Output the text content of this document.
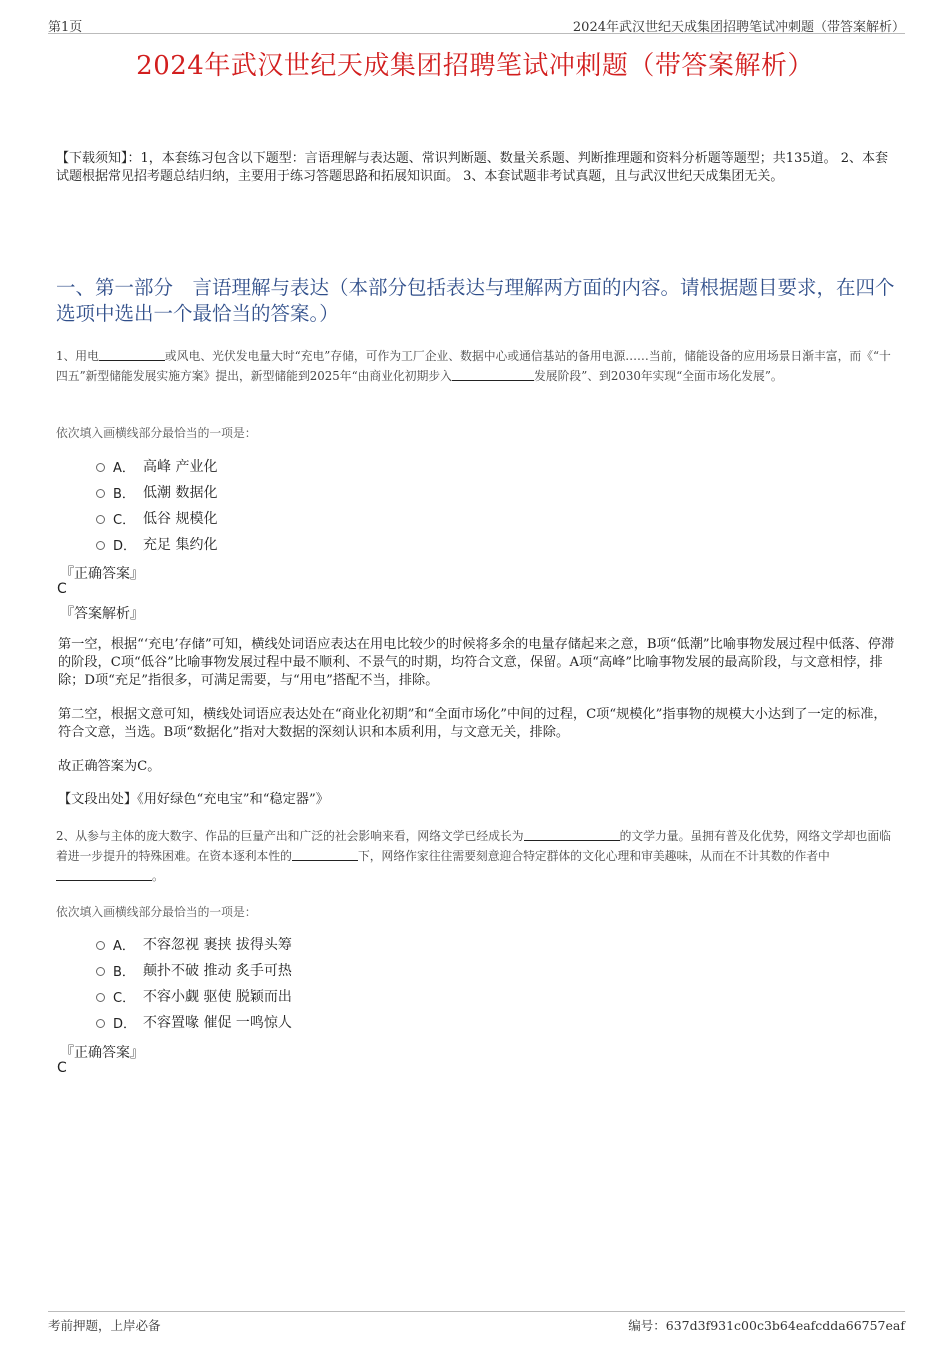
第1页	2024年武汉世纪天成集团招聘笔试冲刺题（带答案解析）
2024年武汉世纪天成集团招聘笔试冲刺题（带答案解析）
【下载须知】：1，本套练习包含以下题型：言语理解与表达题、常识判断题、数量关系题、判断推理题和资料分析题等题型；共135道。 2、本套试题根据常见招考题总结归纳，主要用于练习答题思路和拓展知识面。 3、本套试题非考试真题，且与武汉世纪天成集团无关。
一、第一部分　言语理解与表达（本部分包括表达与理解两方面的内容。请根据题目要求，在四个选项中选出一个最恰当的答案。）
1、用电	或风电、光伏发电量大时“充电”存储，可作为工厂企业、数据中心或通信基站的备用电源……当前，储能设备的应用场景日渐丰富，而《“十四五”新型储能发展实施方案》提出，新型储能到2025年“由商业化初期步入	发展阶段”、到2030年实现“全面市场化发展”。
依次填入画横线部分最恰当的一项是：
A． 高峰 产业化
B． 低潮 数据化
C． 低谷 规模化
D． 充足 集约化
『正确答案』
C
『答案解析』
第一空，根据“‘充电’存储”可知，横线处词语应表达在用电比较少的时候将多余的电量存储起来之意，B项“低潮”比喻事物发展过程中低落、停滞的阶段，C项“低谷”比喻事物发展过程中最不顺利、不景气的时期，均符合文意，保留。A项“高峰”比喻事物发展的最高阶段，与文意相悖，排除；D项“充足”指很多，可满足需要，与“用电”搭配不当，排除。
第二空，根据文意可知，横线处词语应表达处在“商业化初期”和“全面市场化”中间的过程，C项“规模化”指事物的规模大小达到了一定的标准，符合文意，当选。B项“数据化”指对大数据的深刻认识和本质利用，与文意无关，排除。
故正确答案为C。
【文段出处】《用好绿色“充电宝”和“稳定器”》
2、从参与主体的庞大数字、作品的巨量产出和广泛的社会影响来看，网络文学已经成长为	的文学力量。虽拥有普及化优势，网络文学却也面临着进一步提升的特殊困难。在资本逐利本性的	下，网络作家往往需要刻意迎合特定群体的文化心理和审美趣味，从而在不计其数的作者中。
依次填入画横线部分最恰当的一项是：
A． 不容忽视 裹挟 拔得头筹
B． 颠扑不破 推动 炙手可热
C． 不容小觑 驱使 脱颖而出
D． 不容置喙 催促 一鸣惊人
『正确答案』
C
考前押题，上岸必备	编号：637d3f931c00c3b64eafcdda66757eaf
